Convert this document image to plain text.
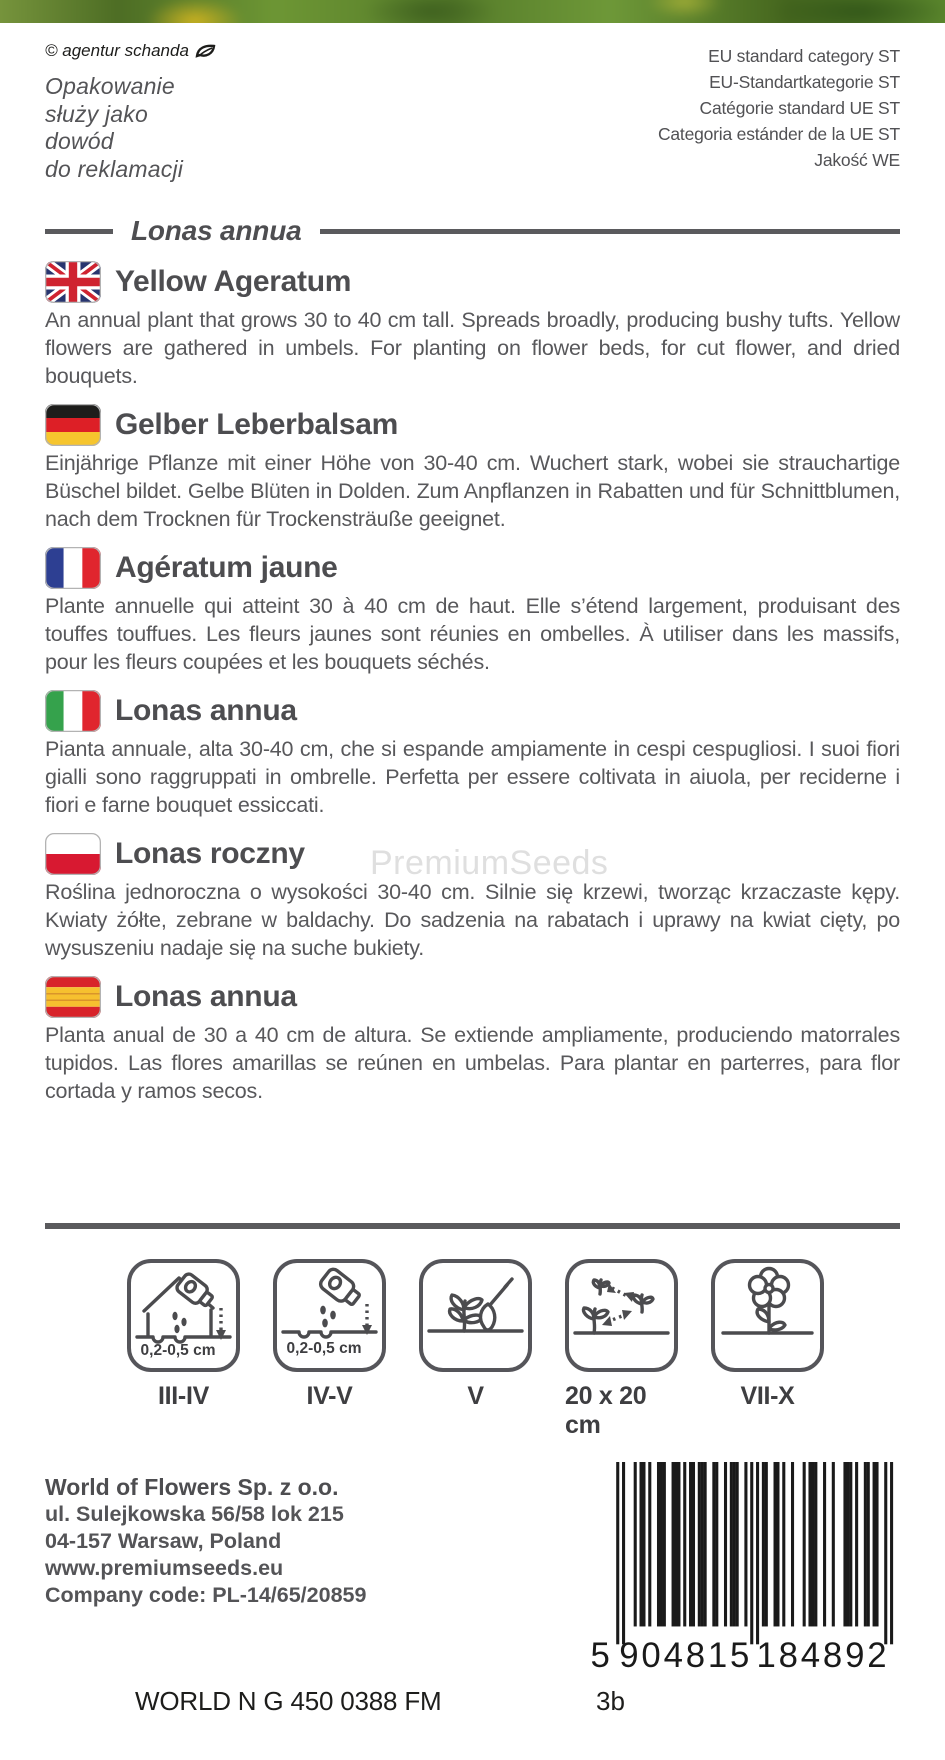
© agentur schanda
Opakowanie
służy jako
dowód
do reklamacji
EU standard category ST
EU-Standartkategorie ST
Catégorie standard UE ST
Categoria estánder de la UE ST
Jakość WE
Lonas annua
Yellow Ageratum

An annual plant that grows 30 to 40 cm tall. Spreads broadly, producing bushy tufts. Yellow flowers are gathered in umbels. For planting on flower beds, for cut flower, and dried bouquets.

Gelber Leberbalsam

Einjährige Pflanze mit einer Höhe von 30-40 cm. Wuchert stark, wobei sie strauchartige Büschel bildet. Gelbe Blüten in Dolden. Zum Anpflanzen in Rabatten und für Schnittblumen, nach dem Trocknen für Trockensträuße geeignet.

Agératum jaune

Plante annuelle qui atteint 30 à 40 cm de haut. Elle s’étend largement, produisant des touffes touffues. Les fleurs jaunes sont réunies en ombelles. À utiliser dans les massifs, pour les fleurs coupées et les bouquets séchés.

Lonas annua

Pianta annuale, alta 30-40 cm, che si espande ampiamente in cespi cespugliosi. I suoi fiori gialli sono raggruppati in ombrelle. Perfetta per essere coltivata in aiuola, per reciderne i fiori e farne bouquet essiccati.

PremiumSeeds
Lonas roczny

Roślina jednoroczna o wysokości 30-40 cm. Silnie się krzewi, tworząc krzaczaste kępy. Kwiaty żółte, zebrane w baldachy. Do sadzenia na rabatach i uprawy na kwiat cięty, po wysuszeniu nadaje się na suche bukiety.

Lonas annua

Planta anual de 30 a 40 cm de altura. Se extiende ampliamente, produciendo matorrales tupidos. Las flores amarillas se reúnen en umbelas. Para plantar en parterres, para flor cortada y ramos secos.

0,2-0,5 cm
III-IV
0,2-0,5 cm
IV-V	V	20 x 20 cm
VII-X
World of Flowers Sp. z o.o.
ul. Sulejkowska 56/58 lok 215
04-157 Warsaw, Poland
www.premiumseeds.eu
Company code: PL-14/65/20859
5 904815 184892
WORLD N G 450 0388 FM	3b
